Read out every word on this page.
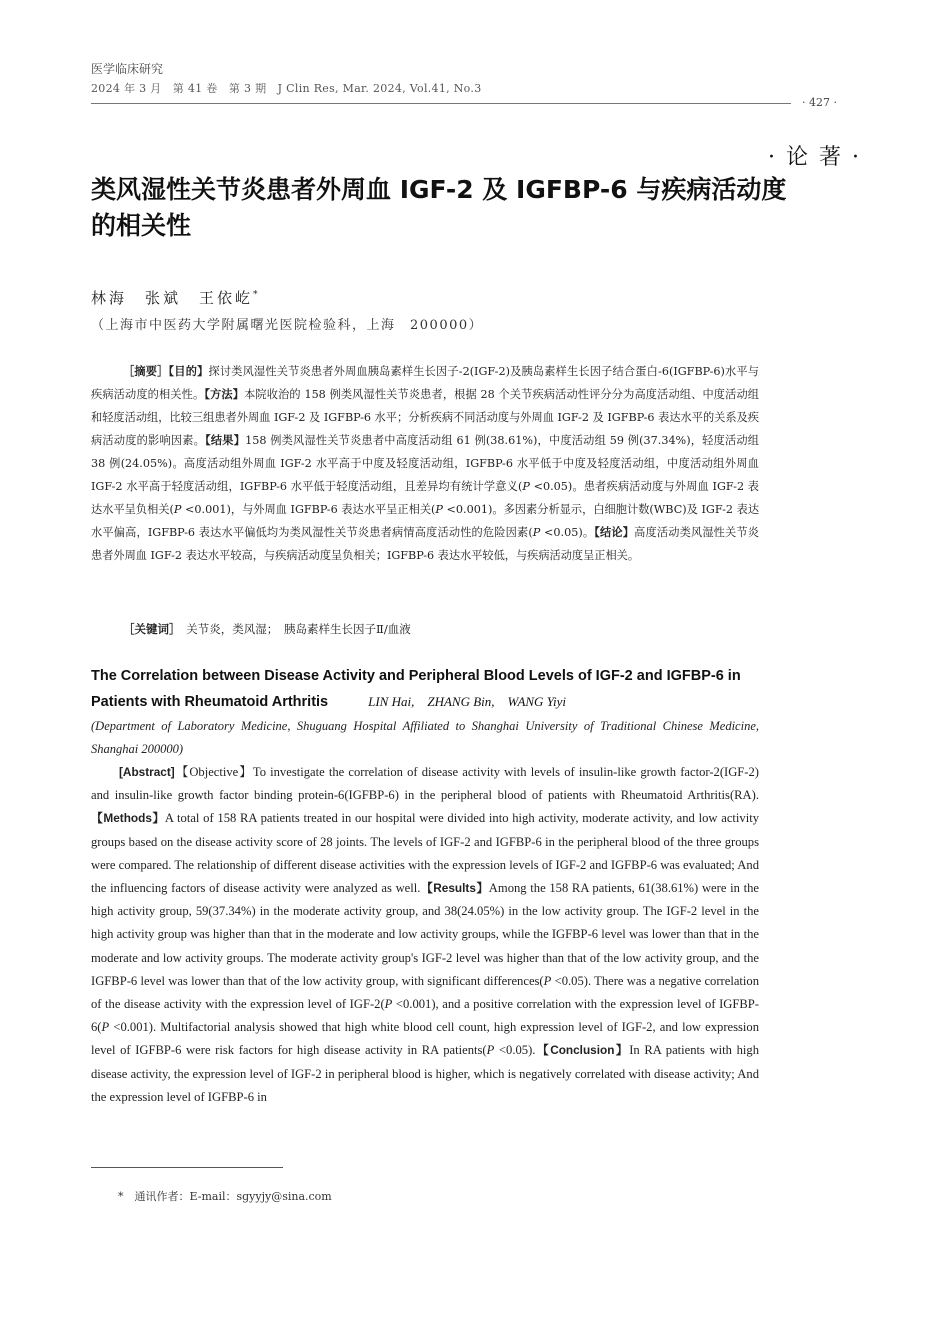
医学临床研究
2024 年 3 月　第 41 卷　第 3 期　J Clin Res, Mar. 2024, Vol.41, No.3
· 427 ·
· 论 著 ·
类风湿性关节炎患者外周血 IGF-2 及 IGFBP-6 与疾病活动度的相关性
林海　张斌　王依屹*
（上海市中医药大学附属曙光医院检验科，上海　200000）

［摘要］【目的】探讨类风湿性关节炎患者外周血胰岛素样生长因子-2(IGF-2)及胰岛素样生长因子结合蛋白-6(IGFBP-6)水平与疾病活动度的相关性。【方法】本院收治的 158 例类风湿性关节炎患者，根据 28 个关节疾病活动性评分分为高度活动组、中度活动组和轻度活动组，比较三组患者外周血 IGF-2 及 IGFBP-6 水平；分析疾病不同活动度与外周血 IGF-2 及 IGFBP-6 表达水平的关系及疾病活动度的影响因素。【结果】158 例类风湿性关节炎患者中高度活动组 61 例(38.61%)，中度活动组 59 例(37.34%)，轻度活动组 38 例(24.05%)。高度活动组外周血 IGF-2 水平高于中度及轻度活动组，IGFBP-6 水平低于中度及轻度活动组，中度活动组外周血 IGF-2 水平高于轻度活动组，IGFBP-6 水平低于轻度活动组，且差异均有统计学意义(P <0.05)。患者疾病活动度与外周血 IGF-2 表达水平呈负相关(P <0.001)，与外周血 IGFBP-6 表达水平呈正相关(P <0.001)。多因素分析显示，白细胞计数(WBC)及 IGF-2 表达水平偏高，IGFBP-6 表达水平偏低均为类风湿性关节炎患者病情高度活动性的危险因素(P <0.05)。【结论】高度活动类风湿性关节炎患者外周血 IGF-2 表达水平较高，与疾病活动度呈负相关；IGFBP-6 表达水平较低，与疾病活动度呈正相关。

［关键词］　 关节炎，类风湿；　胰岛素样生长因子Ⅱ/血液

The Correlation between Disease Activity and Peripheral Blood Levels of IGF-2 and IGFBP-6 in Patients with Rheumatoid Arthritis	LIN Hai,　ZHANG Bin,　WANG Yiyi

(Department of Laboratory Medicine, Shuguang Hospital Affiliated to Shanghai University of Traditional Chinese Medicine, Shanghai 200000)

[Abstract]【Objective】To investigate the correlation of disease activity with levels of insulin-like growth factor-2(IGF-2) and insulin-like growth factor binding protein-6(IGFBP-6) in the peripheral blood of patients with Rheumatoid Arthritis(RA).【Methods】A total of 158 RA patients treated in our hospital were divided into high activity, moderate activity, and low activity groups based on the disease activity score of 28 joints. The levels of IGF-2 and IGFBP-6 in the peripheral blood of the three groups were compared. The relationship of different disease activities with the expression levels of IGF-2 and IGFBP-6 was evaluated; And the influencing factors of disease activity were analyzed as well.【Results】Among the 158 RA patients, 61(38.61%) were in the high activity group, 59(37.34%) in the moderate activity group, and 38(24.05%) in the low activity group. The IGF-2 level in the high activity group was higher than that in the moderate and low activity groups, while the IGFBP-6 level was lower than that in the moderate and low activity groups. The moderate activity group's IGF-2 level was higher than that of the low activity group, and the IGFBP-6 level was lower than that of the low activity group, with significant differences(P <0.05). There was a negative correlation of the disease activity with the expression level of IGF-2(P <0.001), and a positive correlation with the expression level of IGFBP-6(P <0.001). Multifactorial analysis showed that high white blood cell count, high expression level of IGF-2, and low expression level of IGFBP-6 were risk factors for high disease activity in RA patients(P <0.05).【Conclusion】In RA patients with high disease activity, the expression level of IGF-2 in peripheral blood is higher, which is negatively correlated with disease activity; And the expression level of IGFBP-6 in

*　 通讯作者：E-mail：sgyyjy@sina.com
